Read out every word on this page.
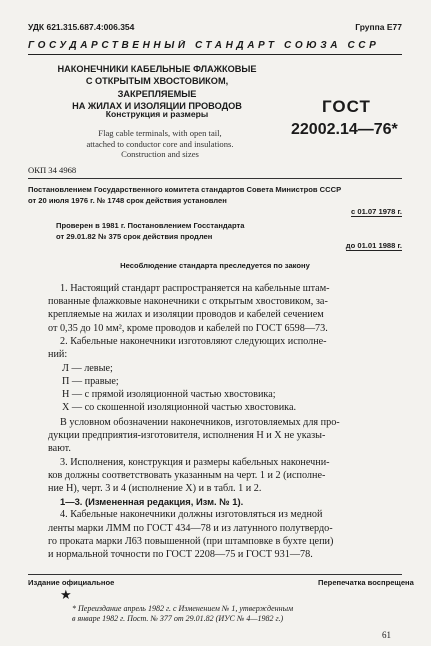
УДК 621.315.687.4:006.354	Группа Е77
ГОСУДАРСТВЕННЫЙ СТАНДАРТ СОЮЗА ССР
НАКОНЕЧНИКИ КАБЕЛЬНЫЕ ФЛАЖКОВЫЕ
С ОТКРЫТЫМ ХВОСТОВИКОМ, ЗАКРЕПЛЯЕМЫЕ
НА ЖИЛАХ И ИЗОЛЯЦИИ ПРОВОДОВ
Конструкция и размеры
Flag cable terminals, with open tail,
attached to conductor core and insulations.
Construction and sizes
ГОСТ
22002.14—76*
ОКП 34 4968
Постановлением Государственного комитета стандартов Совета Министров СССР
от 20 июля 1976 г. № 1748 срок действия установлен
с 01.07 1978 г.
Проверен в 1981 г. Постановлением Госстандарта
от 29.01.82 № 375 срок действия продлен
до 01.01 1988 г.
Несоблюдение стандарта преследуется по закону
1. Настоящий стандарт распространяется на кабельные штам-
пованные флажковые наконечники с открытым хвостовиком, за-
крепляемые на жилах и изоляции проводов и кабелей сечением
от 0,35 до 10 мм², кроме проводов и кабелей по ГОСТ 6598—73.
2. Кабельные наконечники изготовляют следующих исполне-
ний:
Л — левые;
П — правые;
Н — с прямой изоляционной частью хвостовика;
Х — со скошенной изоляционной частью хвостовика.
В условном обозначении наконечников, изготовляемых для про-
дукции предприятия-изготовителя, исполнения Н и Х не указы-
вают.
3. Исполнения, конструкция и размеры кабельных наконечни-
ков должны соответствовать указанным на черт. 1 и 2 (исполне-
ние Н), черт. 3 и 4 (исполнение Х) и в табл. 1 и 2.
1—3. (Измененная редакция, Изм. № 1).
4. Кабельные наконечники должны изготовляться из медной
ленты марки ЛММ по ГОСТ 434—78 и из латунного полутвердо-
го проката марки Л63 повышенной (при штамповке в бухте цепи)
и нормальной точности по ГОСТ 2208—75 и ГОСТ 931—78.
Издание официальное	Перепечатка воспрещена
★
* Переиздание апрель 1982 г. с Изменением № 1, утвержденным
в январе 1982 г. Пост. № 377 от 29.01.82 (ИУС № 4—1982 г.)
61
